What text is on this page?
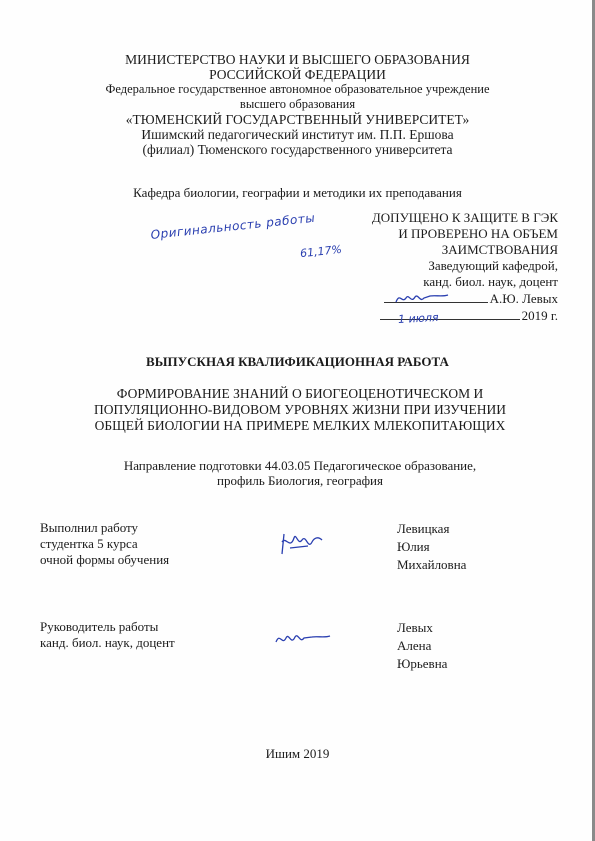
МИНИСТЕРСТВО НАУКИ И ВЫСШЕГО ОБРАЗОВАНИЯ
РОССИЙСКОЙ ФЕДЕРАЦИИ
Федеральное государственное автономное образовательное учреждение
высшего образования
«ТЮМЕНСКИЙ ГОСУДАРСТВЕННЫЙ УНИВЕРСИТЕТ»
Ишимский педагогический институт им. П.П. Ершова
(филиал) Тюменского государственного университета
Кафедра биологии, географии и методики их преподавания
ДОПУЩЕНО К ЗАЩИТЕ В ГЭК
И ПРОВЕРЕНО НА ОБЪЕМ
ЗАИМСТВОВАНИЯ
Заведующий кафедрой,
канд. биол. наук, доцент
А.Ю. Левых
2019 г.
1 июля
Оригинальность работы
61,17%
ВЫПУСКНАЯ КВАЛИФИКАЦИОННАЯ РАБОТА
ФОРМИРОВАНИЕ ЗНАНИЙ О БИОГЕОЦЕНОТИЧЕСКОМ И
ПОПУЛЯЦИОННО-ВИДОВОМ УРОВНЯХ ЖИЗНИ ПРИ ИЗУЧЕНИИ
ОБЩЕЙ БИОЛОГИИ НА ПРИМЕРЕ МЕЛКИХ МЛЕКОПИТАЮЩИХ
Направление подготовки 44.03.05 Педагогическое образование,
профиль Биология, география
Выполнил работу
студентка 5 курса
очной формы обучения
Левицкая
Юлия
Михайловна
Руководитель работы
канд. биол. наук, доцент
Левых
Алена
Юрьевна
Ишим 2019
